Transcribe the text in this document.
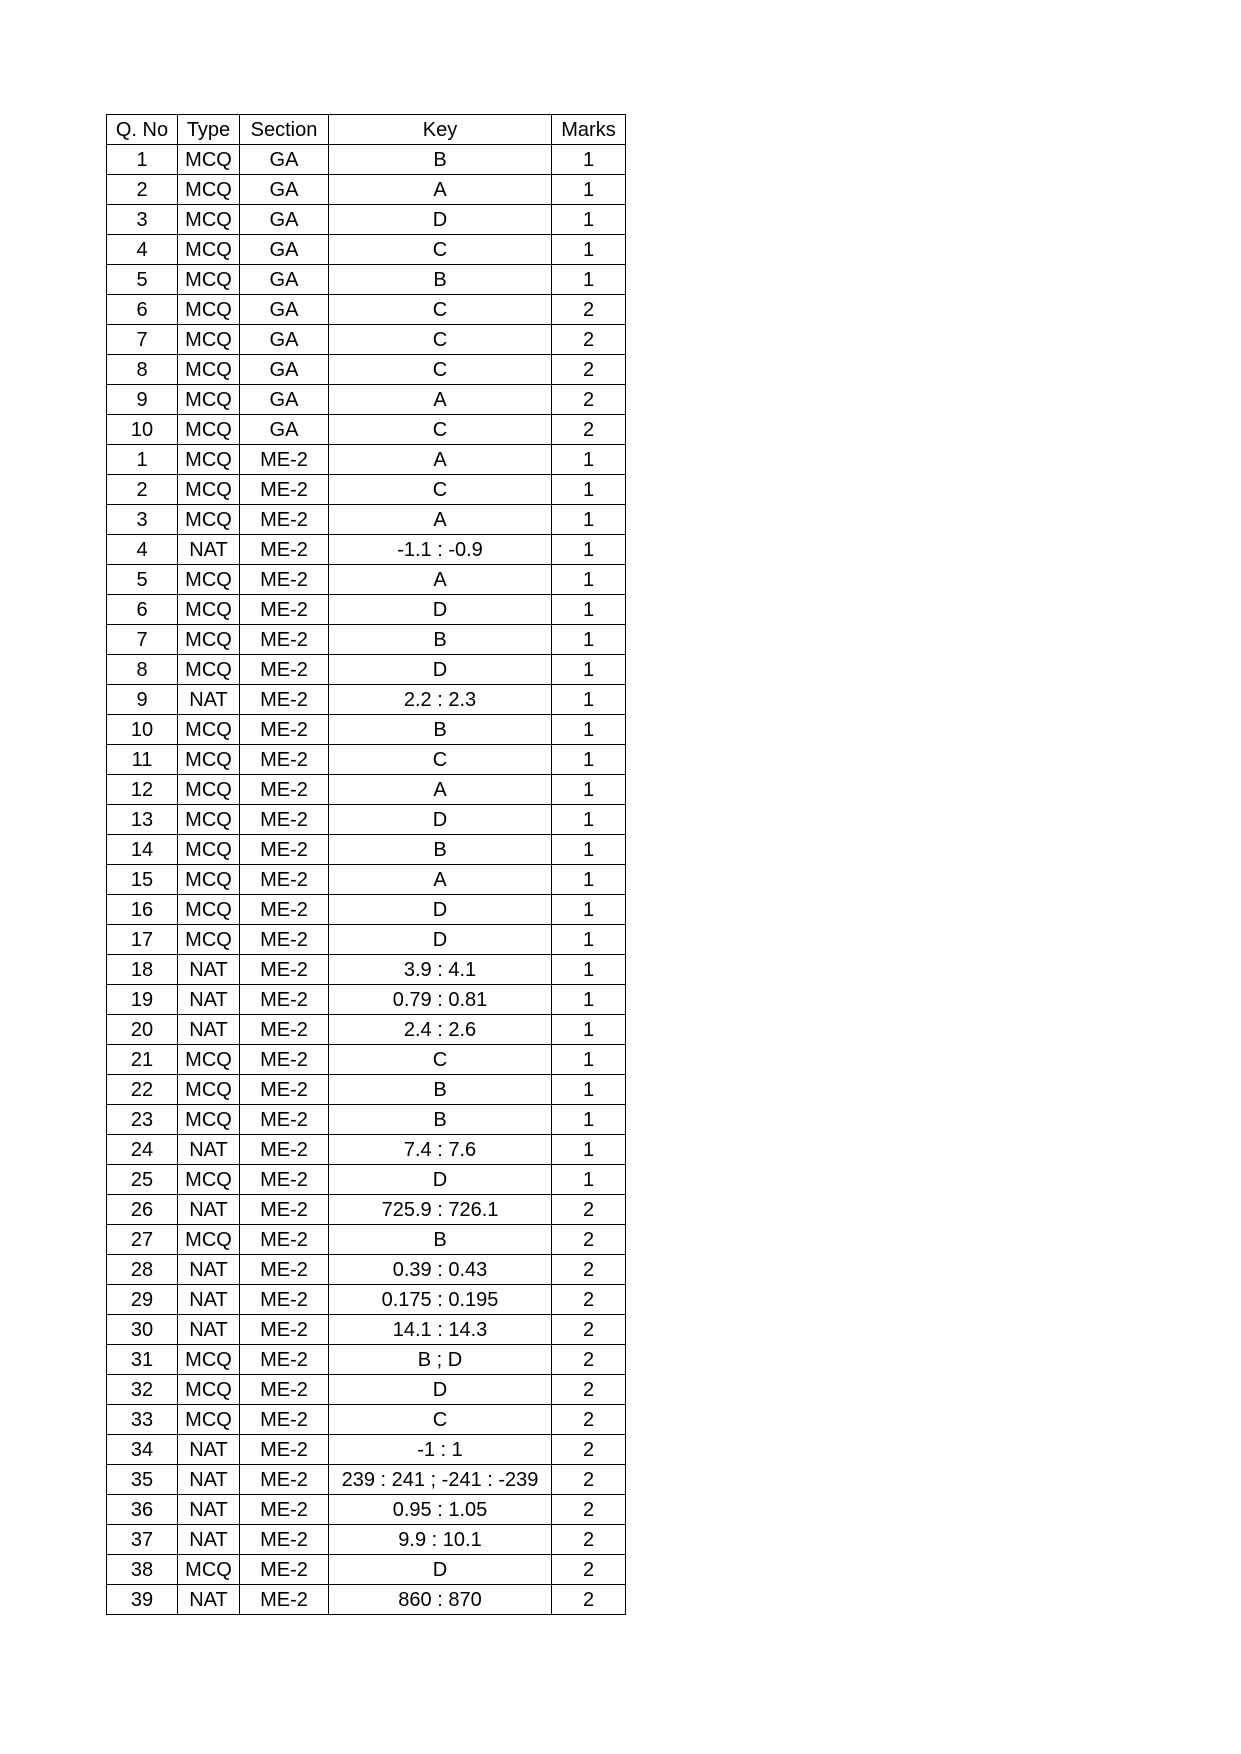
Q. No	Type	Section	Key	Marks
1	MCQ	GA	B	1
2	MCQ	GA	A	1
3	MCQ	GA	D	1
4	MCQ	GA	C	1
5	MCQ	GA	B	1
6	MCQ	GA	C	2
7	MCQ	GA	C	2
8	MCQ	GA	C	2
9	MCQ	GA	A	2
10	MCQ	GA	C	2
1	MCQ	ME-2	A	1
2	MCQ	ME-2	C	1
3	MCQ	ME-2	A	1
4	NAT	ME-2	-1.1 : -0.9	1
5	MCQ	ME-2	A	1
6	MCQ	ME-2	D	1
7	MCQ	ME-2	B	1
8	MCQ	ME-2	D	1
9	NAT	ME-2	2.2 : 2.3	1
10	MCQ	ME-2	B	1
11	MCQ	ME-2	C	1
12	MCQ	ME-2	A	1
13	MCQ	ME-2	D	1
14	MCQ	ME-2	B	1
15	MCQ	ME-2	A	1
16	MCQ	ME-2	D	1
17	MCQ	ME-2	D	1
18	NAT	ME-2	3.9 : 4.1	1
19	NAT	ME-2	0.79 : 0.81	1
20	NAT	ME-2	2.4 : 2.6	1
21	MCQ	ME-2	C	1
22	MCQ	ME-2	B	1
23	MCQ	ME-2	B	1
24	NAT	ME-2	7.4 : 7.6	1
25	MCQ	ME-2	D	1
26	NAT	ME-2	725.9 : 726.1	2
27	MCQ	ME-2	B	2
28	NAT	ME-2	0.39 : 0.43	2
29	NAT	ME-2	0.175 : 0.195	2
30	NAT	ME-2	14.1 : 14.3	2
31	MCQ	ME-2	B ; D	2
32	MCQ	ME-2	D	2
33	MCQ	ME-2	C	2
34	NAT	ME-2	-1 : 1	2
35	NAT	ME-2	239 : 241 ; -241 : -239	2
36	NAT	ME-2	0.95 : 1.05	2
37	NAT	ME-2	9.9 : 10.1	2
38	MCQ	ME-2	D	2
39	NAT	ME-2	860 : 870	2
